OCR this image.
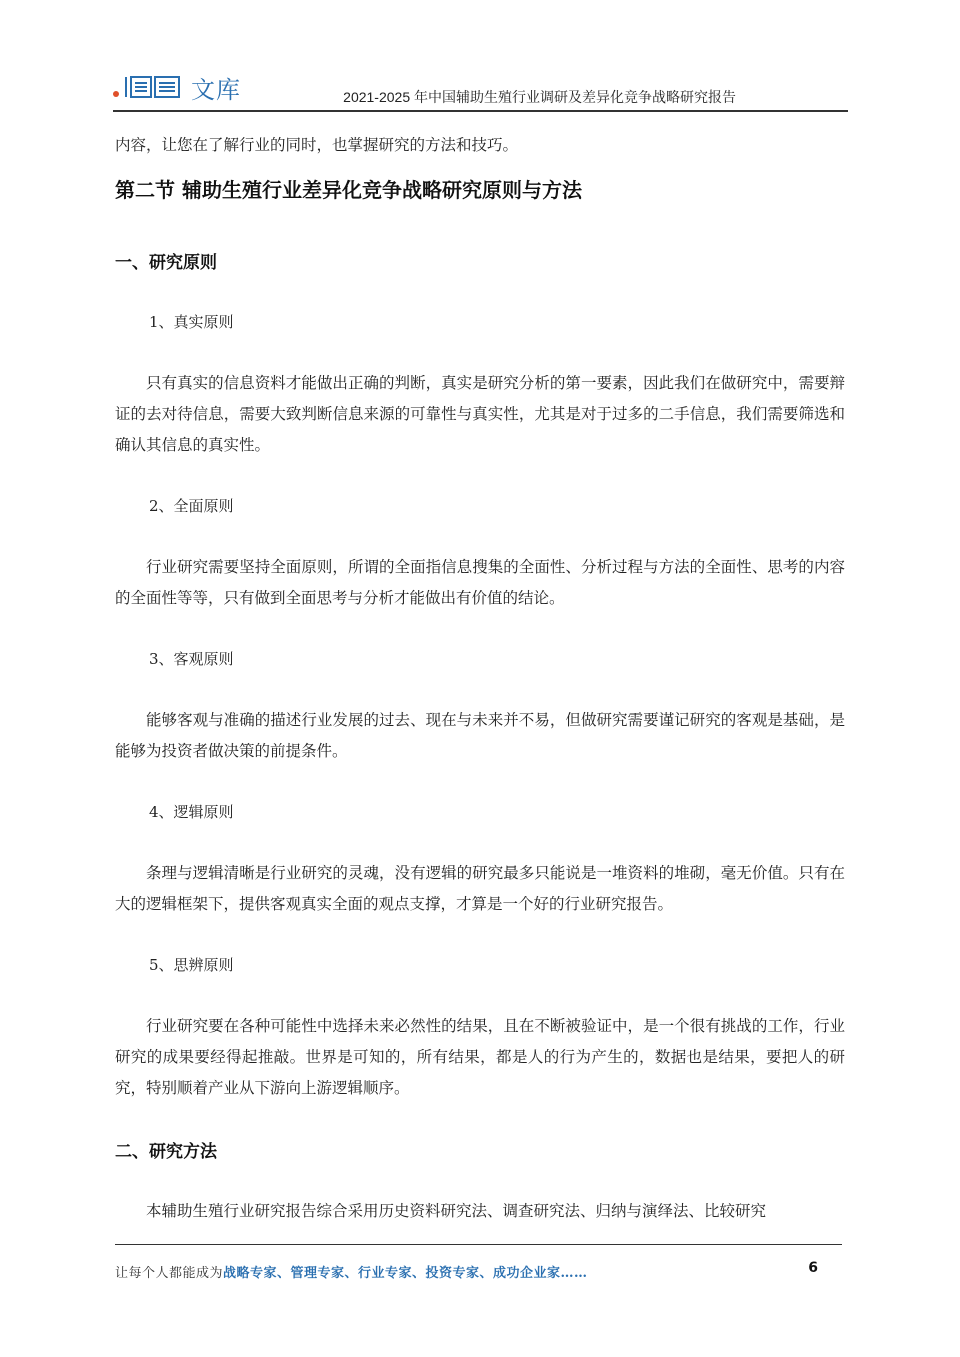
文库	2021-2025 年中国辅助生殖行业调研及差异化竞争战略研究报告

内容，让您在了解行业的同时，也掌握研究的方法和技巧。

第二节 辅助生殖行业差异化竞争战略研究原则与方法
一、研究原则

1、真实原则

只有真实的信息资料才能做出正确的判断，真实是研究分析的第一要素，因此我们在做研究中，需要辩证的去对待信息，需要大致判断信息来源的可靠性与真实性，尤其是对于过多的二手信息，我们需要筛选和确认其信息的真实性。

2、全面原则

行业研究需要坚持全面原则，所谓的全面指信息搜集的全面性、分析过程与方法的全面性、思考的内容的全面性等等，只有做到全面思考与分析才能做出有价值的结论。

3、客观原则

能够客观与准确的描述行业发展的过去、现在与未来并不易，但做研究需要谨记研究的客观是基础，是能够为投资者做决策的前提条件。

4、逻辑原则

条理与逻辑清晰是行业研究的灵魂，没有逻辑的研究最多只能说是一堆资料的堆砌，毫无价值。只有在大的逻辑框架下，提供客观真实全面的观点支撑，才算是一个好的行业研究报告。

5、思辨原则

行业研究要在各种可能性中选择未来必然性的结果，且在不断被验证中，是一个很有挑战的工作，行业研究的成果要经得起推敲。世界是可知的，所有结果，都是人的行为产生的，数据也是结果，要把人的研究，特别顺着产业从下游向上游逻辑顺序。

二、研究方法

本辅助生殖行业研究报告综合采用历史资料研究法、调查研究法、归纳与演绎法、比较研究

让每个人都能成为战略专家、管理专家、行业专家、投资专家、成功企业家……	6
